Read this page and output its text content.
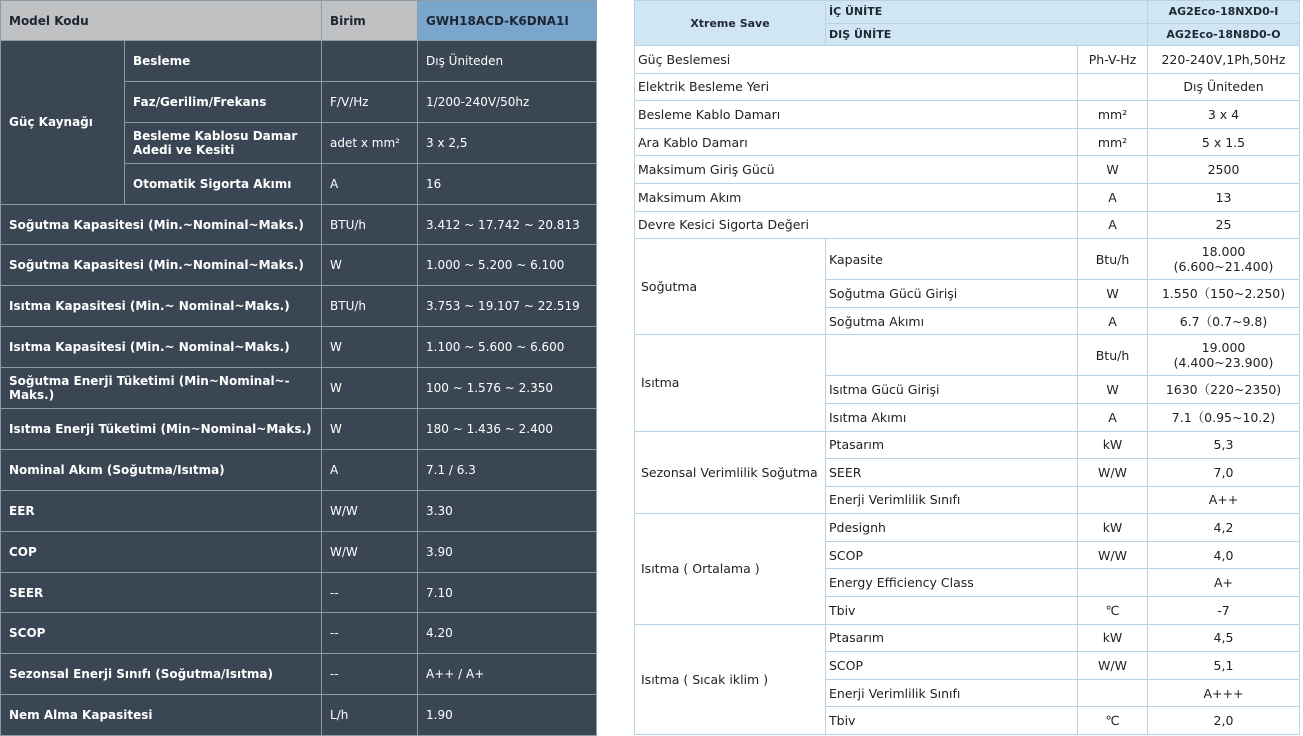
Model Kodu		Birim	GWH18ACD-K6DNA1I
Güç Kaynağı	Besleme		Dış Üniteden
	Faz/Gerilim/Frekans	F/V/Hz	1/200-240V/50hz
	Besleme Kablosu Damar Adedi ve Kesiti	adet x mm²	3 x 2,5
	Otomatik Sigorta Akımı	A	16
Soğutma Kapasitesi (Min.~Nominal~Maks.)		BTU/h	3.412 ~ 17.742 ~ 20.813
Soğutma Kapasitesi (Min.~Nominal~Maks.)		W	1.000 ~ 5.200 ~ 6.100
Isıtma Kapasitesi (Min.~ Nominal~Maks.)		BTU/h	3.753 ~ 19.107 ~ 22.519
Isıtma Kapasitesi (Min.~ Nominal~Maks.)		W	1.100 ~ 5.600 ~ 6.600
Soğutma Enerji Tüketimi (Min~Nominal~-Maks.)		W	100 ~ 1.576 ~ 2.350
Isıtma Enerji Tüketimi (Min~Nominal~Maks.)		W	180 ~ 1.436 ~ 2.400
Nominal Akım (Soğutma/Isıtma)		A	7.1 / 6.3
EER		W/W	3.30
COP		W/W	3.90
SEER		--	7.10
SCOP		--	4.20
Sezonsal Enerji Sınıfı (Soğutma/Isıtma)		--	A++ / A+
Nem Alma Kapasitesi		L/h	1.90
Xtreme Save	İÇ ÜNİTE		AG2Eco-18NXD0-I
	DIŞ ÜNİTE		AG2Eco-18N8D0-O
Güç Beslemesi		Ph-V-Hz	220-240V,1Ph,50Hz
Elektrik Besleme Yeri			Dış Üniteden
Besleme Kablo Damarı		mm²	3 x 4
Ara Kablo Damarı		mm²	5 x 1.5
Maksimum Giriş Gücü		W	2500
Maksimum Akım		A	13
Devre Kesici Sigorta Değeri		A	25
Soğutma	Kapasite	Btu/h	18.000
(6.600~21.400)

	Soğutma Gücü Girişi	W	1.550（150~2.250)
	Soğutma Akımı	A	6.7（0.7~9.8)
Isıtma		Btu/h	19.000
(4.400~23.900)

	Isıtma Gücü Girişi	W	1630（220~2350)
	Isıtma Akımı	A	7.1（0.95~10.2)
Sezonsal Verimlilik Soğutma	Ptasarım	kW	5,3
	SEER	W/W	7,0
	Enerji Verimlilik Sınıfı		A++
Isıtma ( Ortalama )	Pdesignh	kW	4,2
	SCOP	W/W	4,0
	Energy Efficiency Class		A+
	Tbiv	℃	-7
Isıtma ( Sıcak iklim )	Ptasarım	kW	4,5
	SCOP	W/W	5,1
	Enerji Verimlilik Sınıfı		A+++
	Tbiv	℃	2,0
